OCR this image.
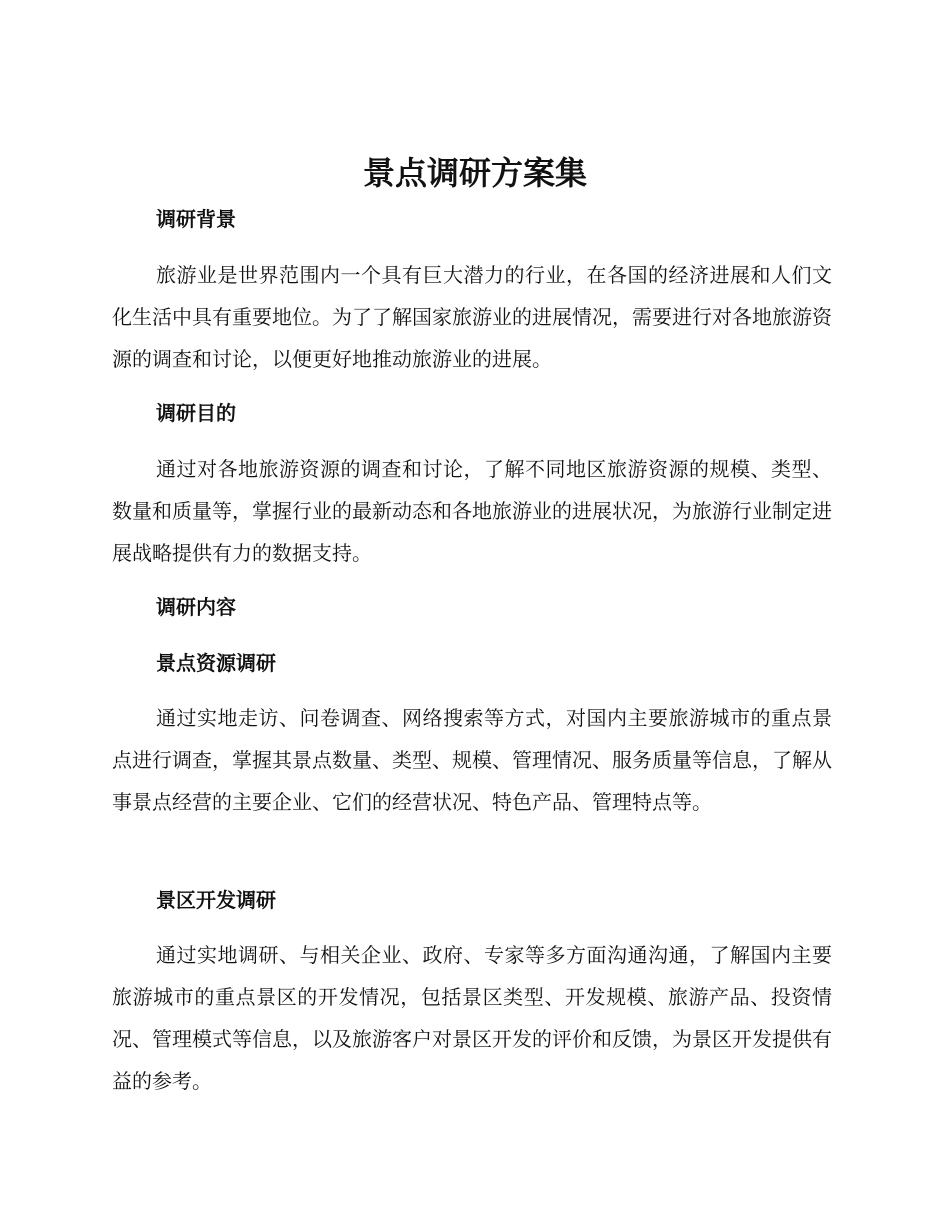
景点调研方案集
调研背景

旅游业是世界范围内一个具有巨大潜力的行业，在各国的经济进展和人们文化生活中具有重要地位。为了了解国家旅游业的进展情况，需要进行对各地旅游资源的调查和讨论，以便更好地推动旅游业的进展。

调研目的

通过对各地旅游资源的调查和讨论，了解不同地区旅游资源的规模、类型、数量和质量等，掌握行业的最新动态和各地旅游业的进展状况，为旅游行业制定进展战略提供有力的数据支持。

调研内容
景点资源调研

通过实地走访、问卷调查、网络搜索等方式，对国内主要旅游城市的重点景点进行调查，掌握其景点数量、类型、规模、管理情况、服务质量等信息，了解从事景点经营的主要企业、它们的经营状况、特色产品、管理特点等。

景区开发调研

通过实地调研、与相关企业、政府、专家等多方面沟通沟通，了解国内主要旅游城市的重点景区的开发情况，包括景区类型、开发规模、旅游产品、投资情况、管理模式等信息，以及旅游客户对景区开发的评价和反馈，为景区开发提供有益的参考。
